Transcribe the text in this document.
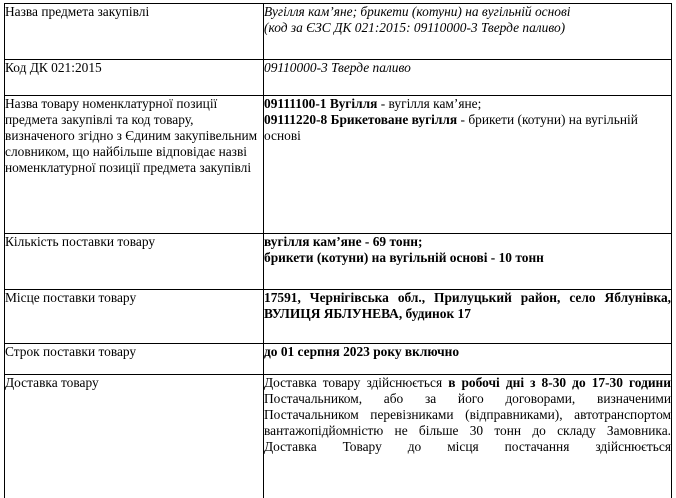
Назва предмета закупівлі	Вугілля кам’яне; брикети (котуни) на вугільній основі
(код за ЄЗС ДК 021:2015: 09110000-3 Тверде паливо)

Код ДК 021:2015	09110000-3 Тверде паливо
Назва товару номенклатурної позиції предмета закупівлі та код товару, визначеного згідно з Єдиним закупівельним словником, що найбільше відповідає назві номенклатурної позиції предмета закупівлі	09111100-1 Вугілля - вугілля кам’яне;
09111220-8 Брикетоване вугілля - брикети (котуни) на вугільній основі

Кількість поставки товару	вугілля кам’яне - 69 тонн;
брикети (котуни) на вугільній основі - 10 тонн

Місце поставки товару	17591, Чернігівська обл., Прилуцький район, село Яблунівка, ВУЛИЦЯ ЯБЛУНЕВА, будинок 17
Строк поставки товару	до 01 серпня 2023 року включно
Доставка товару	Доставка товару здійснюється в робочі дні з 8-30 до 17-30 години Постачальником, або за його договорами, визначеними Постачальником перевізниками (відправниками), автотранспортом вантажопідйомністю не більше 30 тонн до складу Замовника. Доставка Товару до місця постачання здійснюється
